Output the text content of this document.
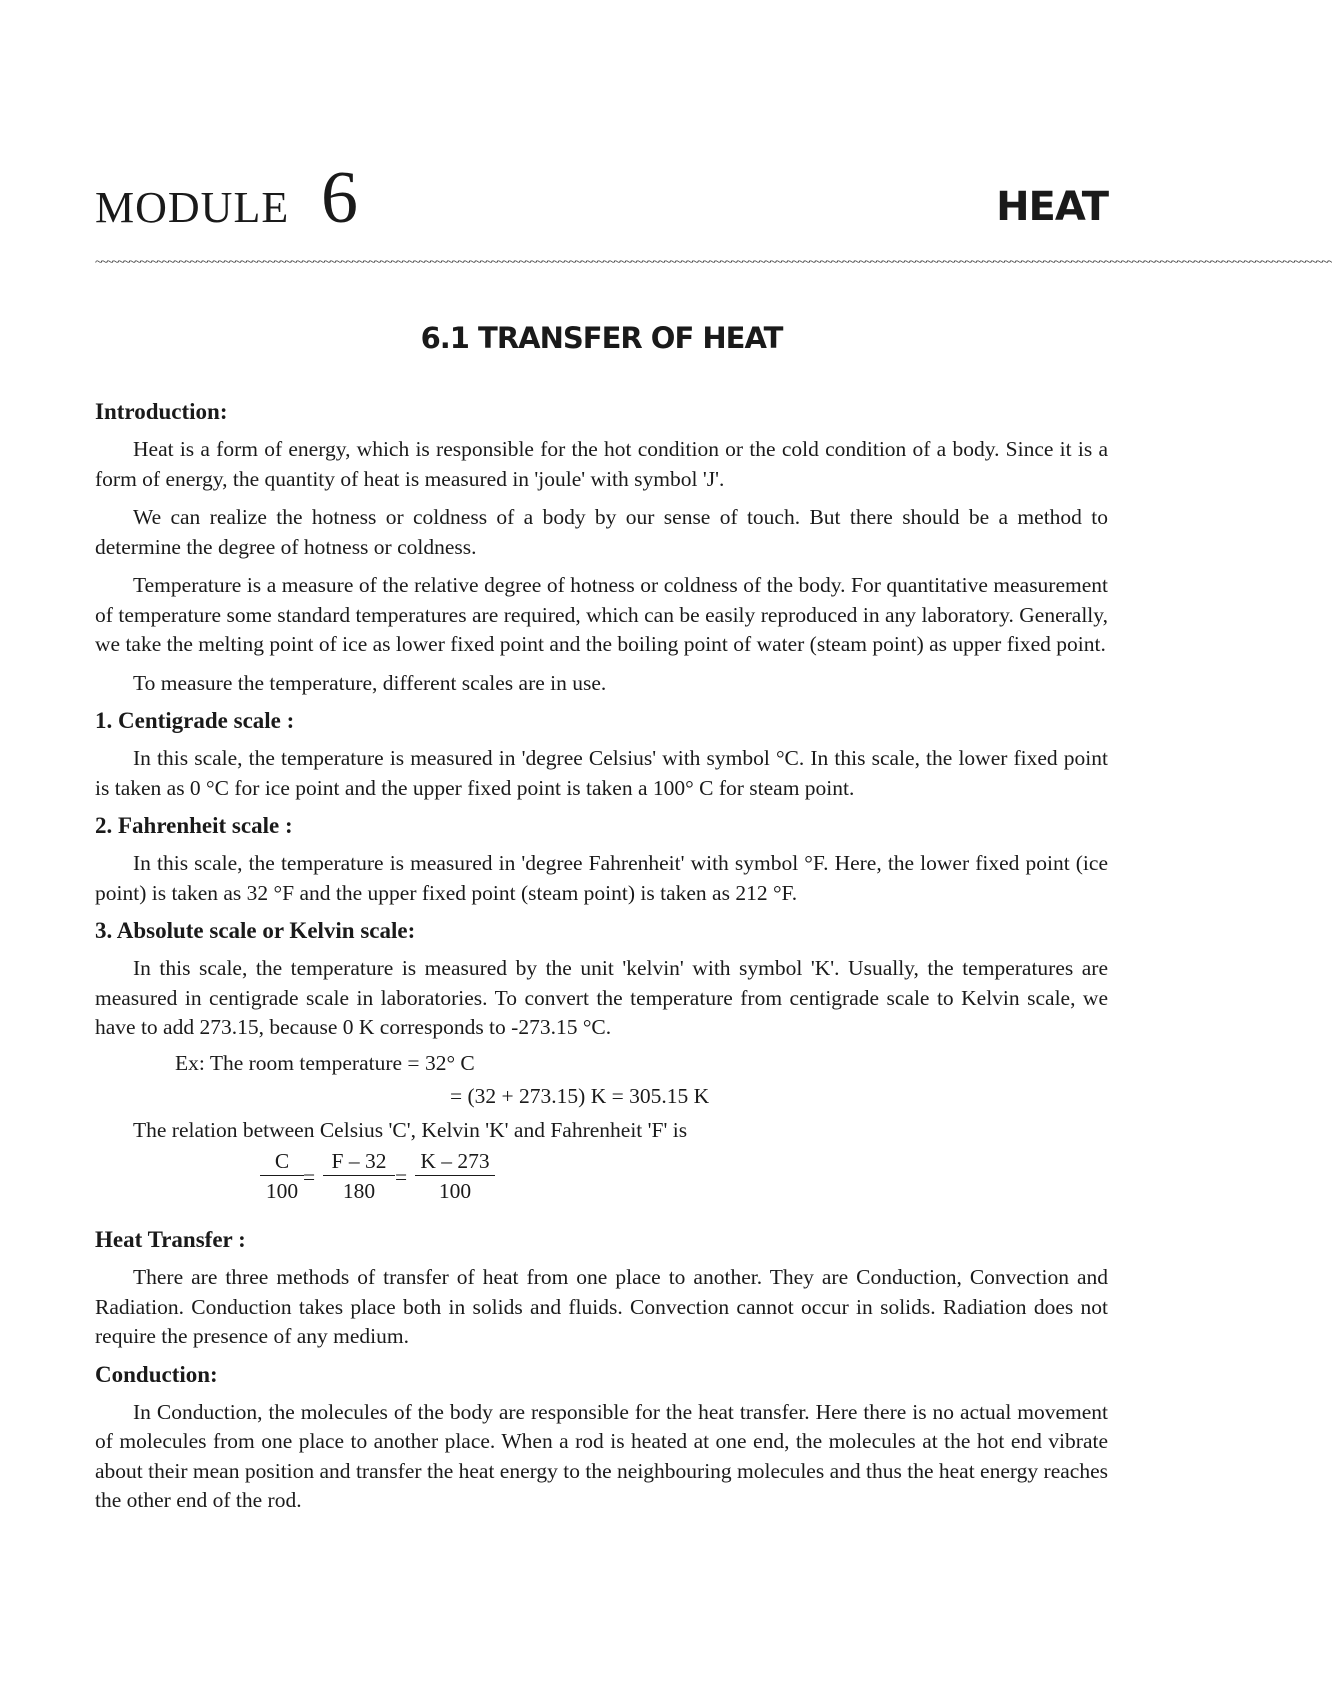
MODULE 6	HEAT
~~~~~~~~~~~~~~~~~~~~~~~~~~~~~~~~~~~~~~~~~~~~~~~~~~~~~~~~~~~~~~~~~~~~~~~~~~~~~~~~~~~~~~~~~~~~~~~~~~~~~~~~~~~~~~~~~~~~~~~~~~~~~~~~~~~~~~~~~~~~~~~~~~~~~~~~~~~~~~~~~~~~~~~~~~~~~~~~~~~~~~~~~~~~~~~~~~~~~~~~~~~~~~~~~~~~~~~~~~~~~~
6.1 TRANSFER OF HEAT

Introduction:

Heat is a form of energy, which is responsible for the hot condition or the cold condition of a body. Since it is a form of energy, the quantity of heat is measured in 'joule' with symbol 'J'.

We can realize the hotness or coldness of a body by our sense of touch. But there should be a method to determine the degree of hotness or coldness.

Temperature is a measure of the relative degree of hotness or coldness of the body. For quantitative measurement of temperature some standard temperatures are required, which can be easily reproduced in any laboratory. Generally, we take the melting point of ice as lower fixed point and the boiling point of water (steam point) as upper fixed point.

To measure the temperature, different scales are in use.

1. Centigrade scale :

In this scale, the temperature is measured in 'degree Celsius' with symbol °C. In this scale, the lower fixed point is taken as 0 °C for ice point and the upper fixed point is taken a 100° C for steam point.

2. Fahrenheit scale :

In this scale, the temperature is measured in 'degree Fahrenheit' with symbol °F. Here, the lower fixed point (ice point) is taken as 32 °F and the upper fixed point (steam point) is taken as 212 °F.

3. Absolute scale or Kelvin scale:

In this scale, the temperature is measured by the unit 'kelvin' with symbol 'K'. Usually, the temperatures are measured in centigrade scale in laboratories. To convert the temperature from centigrade scale to Kelvin scale, we have to add 273.15, because 0 K corresponds to -273.15 °C.

Ex: The room temperature = 32° C

= (32 + 273.15) K = 305.15 K

The relation between Celsius 'C', Kelvin 'K' and Fahrenheit 'F' is

$\frac{C}{100} = \frac{F - 32}{180} = \frac{K - 273}{100}$

Heat Transfer :

There are three methods of transfer of heat from one place to another. They are Conduction, Convection and Radiation. Conduction takes place both in solids and fluids. Convection cannot occur in solids. Radiation does not require the presence of any medium.

Conduction:

In Conduction, the molecules of the body are responsible for the heat transfer. Here there is no actual movement of molecules from one place to another place. When a rod is heated at one end, the molecules at the hot end vibrate about their mean position and transfer the heat energy to the neighbouring molecules and thus the heat energy reaches the other end of the rod.
